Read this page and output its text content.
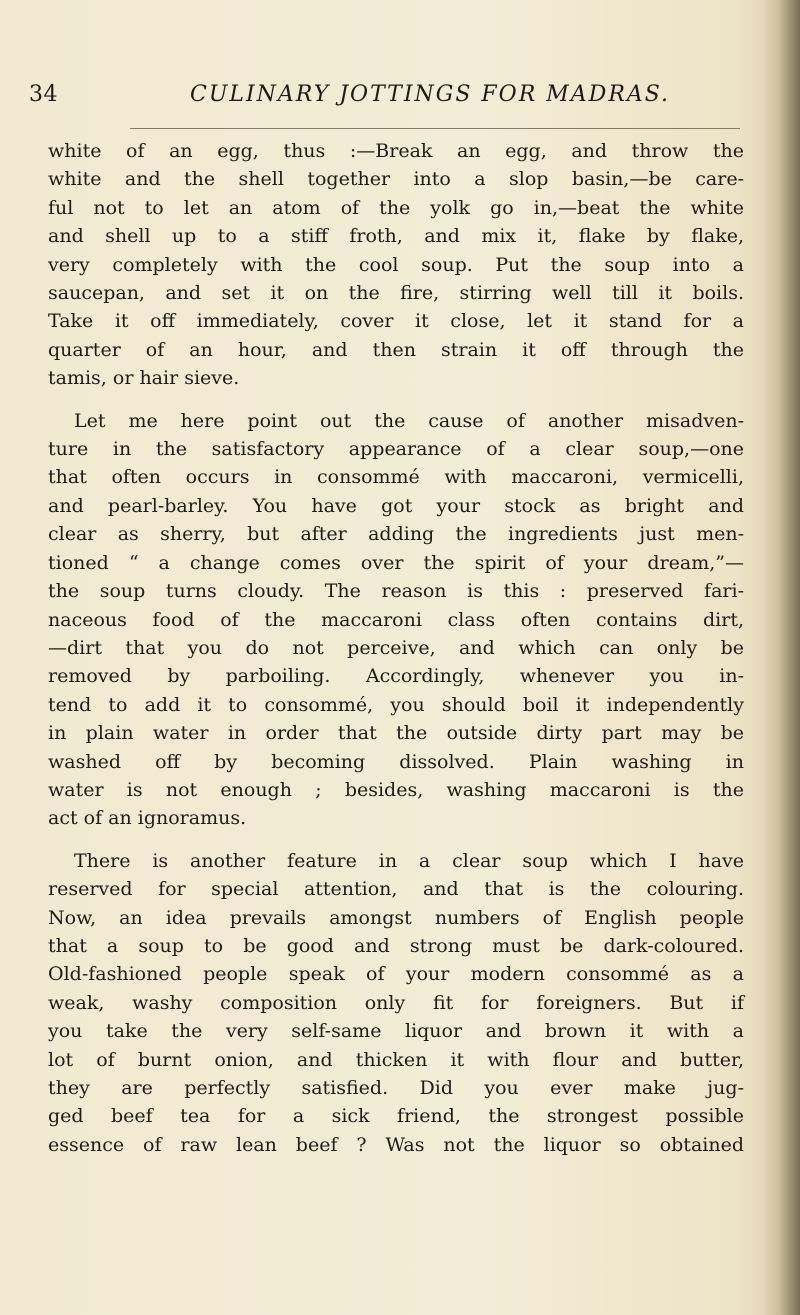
34	CULINARY JOTTINGS FOR MADRAS.

white of an egg, thus :—Break an egg, and throw the

white and the shell together into a slop basin,—be care-

ful not to let an atom of the yolk go in,—beat the white

and shell up to a stiff froth, and mix it, flake by flake,

very completely with the cool soup. Put the soup into a

saucepan, and set it on the fire, stirring well till it boils.

Take it off immediately, cover it close, let it stand for a

quarter of an hour, and then strain it off through the

tamis, or hair sieve.

Let me here point out the cause of another misadven-

ture in the satisfactory appearance of a clear soup,—one

that often occurs in consommé with maccaroni, vermicelli,

and pearl-barley. You have got your stock as bright and

clear as sherry, but after adding the ingredients just men-

tioned “ a change comes over the spirit of your dream,”—

the soup turns cloudy. The reason is this : preserved fari-

naceous food of the maccaroni class often contains dirt,

—dirt that you do not perceive, and which can only be

removed by parboiling. Accordingly, whenever you in-

tend to add it to consommé, you should boil it independently

in plain water in order that the outside dirty part may be

washed off by becoming dissolved. Plain washing in

water is not enough ; besides, washing maccaroni is the

act of an ignoramus.

There is another feature in a clear soup which I have

reserved for special attention, and that is the colouring.

Now, an idea prevails amongst numbers of English people

that a soup to be good and strong must be dark-coloured.

Old-fashioned people speak of your modern consommé as a

weak, washy composition only fit for foreigners. But if

you take the very self-same liquor and brown it with a

lot of burnt onion, and thicken it with flour and butter,

they are perfectly satisfied. Did you ever make jug-

ged beef tea for a sick friend, the strongest possible

essence of raw lean beef ? Was not the liquor so obtained
